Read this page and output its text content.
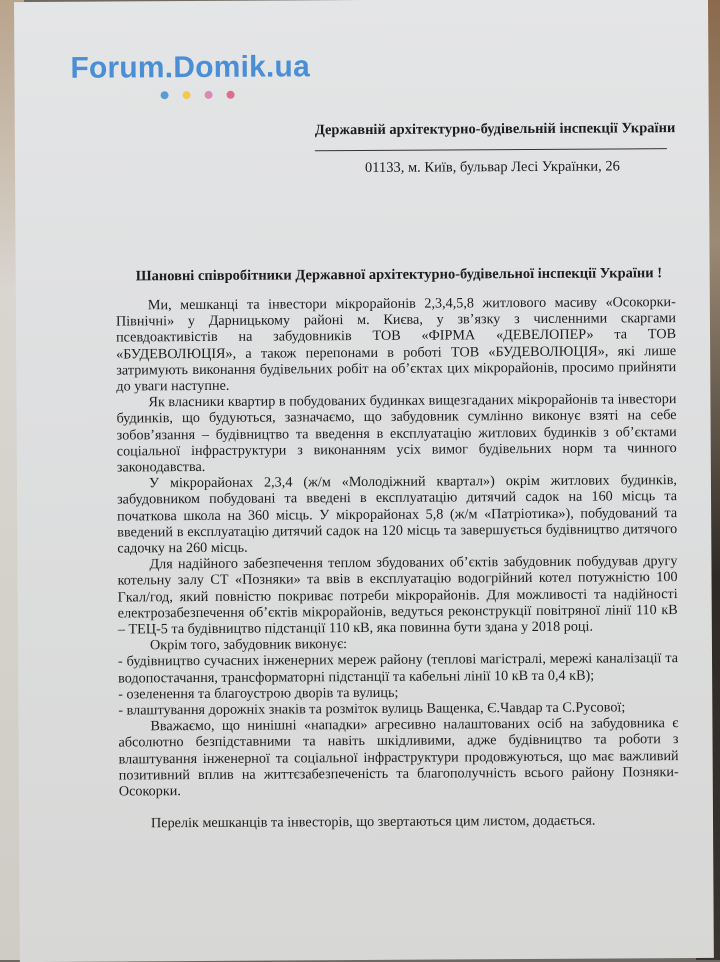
Forum.Domik.ua
Державній архітектурно-будівельній інспекції України
01133, м. Київ, бульвар Лесі Українки, 26
Шановні співробітники Державної архітектурно-будівельної інспекції України !

Ми, мешканці та інвестори мікрорайонів 2,3,4,5,8 житлового масиву «Осокорки-Північні» у Дарницькому районі м. Києва, у зв’язку з численними скаргами псевдоактивістів на забудовників ТОВ «ФІРМА «ДЕВЕЛОПЕР» та ТОВ «БУДЕВОЛЮЦІЯ», а також перепонами в роботі ТОВ «БУДЕВОЛЮЦІЯ», які лише затримують виконання будівельних робіт на об’єктах цих мікрорайонів, просимо прийняти до уваги наступне.

Як власники квартир в побудованих будинках вищезгаданих мікрорайонів та інвестори будинків, що будуються, зазначаємо, що забудовник сумлінно виконує взяті на себе зобов’язання – будівництво та введення в експлуатацію житлових будинків з об’єктами соціальної інфраструктури з виконанням усіх вимог будівельних норм та чинного законодавства.

У мікрорайонах 2,3,4 (ж/м «Молодіжний квартал») окрім житлових будинків, забудовником побудовані та введені в експлуатацію дитячий садок на 160 місць та початкова школа на 360 місць. У мікрорайонах 5,8 (ж/м «Патріотика»), побудований та введений в експлуатацію дитячий садок на 120 місць та завершується будівництво дитячого садочку на 260 місць.

Для надійного забезпечення теплом збудованих об’єктів забудовник побудував другу котельну залу СТ «Позняки» та ввів в експлуатацію водогрійний котел потужністю 100 Гкал/год, який повністю покриває потреби мікрорайонів. Для можливості та надійності електрозабезпечення об’єктів мікрорайонів, ведуться реконструкції повітряної лінії 110 кВ – ТЕЦ-5 та будівництво підстанції 110 кВ, яка повинна бути здана у 2018 році.

Окрім того, забудовник виконує:

- будівництво сучасних інженерних мереж району (теплові магістралі, мережі каналізації та водопостачання, трансформаторні підстанції та кабельні лінії 10 кВ та 0,4 кВ);

- озеленення та благоустрою дворів та вулиць;

- влаштування дорожніх знаків та розміток вулиць Ващенка, Є.Чавдар та С.Русової;

Вважаємо, що нинішні «нападки» агресивно налаштованих осіб на забудовника є абсолютно безпідставними та навіть шкідливими, адже будівництво та роботи з влаштування інженерної та соціальної інфраструктури продовжуються, що має важливий позитивний вплив на життєзабезпеченість та благополучність всього району Позняки-Осокорки.

Перелік мешканців та інвесторів, що звертаються цим листом, додається.
